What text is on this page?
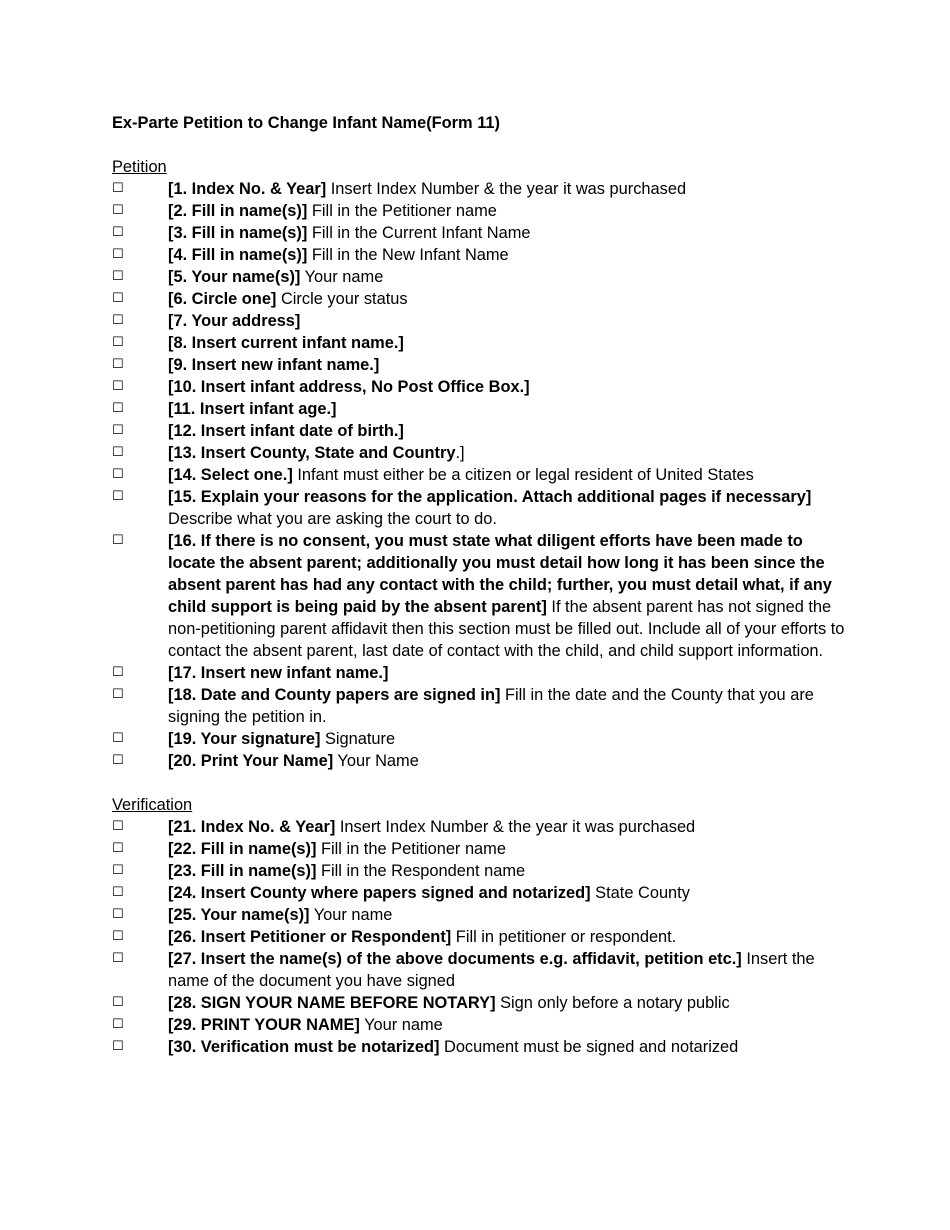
Ex-Parte Petition to Change Infant Name(Form 11)
Petition
☐	[1. Index No. & Year] Insert Index Number & the year it was purchased
☐	[2. Fill in name(s)] Fill in the Petitioner name
☐	[3. Fill in name(s)] Fill in the Current Infant Name
☐	[4. Fill in name(s)] Fill in the New Infant Name
☐	[5. Your name(s)] Your name
☐	[6. Circle one] Circle your status
☐	[7. Your address]
☐	[8. Insert current infant name.]
☐	[9. Insert new infant name.]
☐	[10. Insert infant address, No Post Office Box.]
☐	[11. Insert infant age.]
☐	[12. Insert infant date of birth.]
☐	[13. Insert County, State and Country.]
☐	[14. Select one.] Infant must either be a citizen or legal resident of United States
☐	[15. Explain your reasons for the application. Attach additional pages if necessary] Describe what you are asking the court to do.
☐	[16. If there is no consent, you must state what diligent efforts have been made to locate the absent parent; additionally you must detail how long it has been since the absent parent has had any contact with the child; further, you must detail what, if any child support is being paid by the absent parent] If the absent parent has not signed the non-petitioning parent affidavit then this section must be filled out. Include all of your efforts to contact the absent parent, last date of contact with the child, and child support information.
☐	[17. Insert new infant name.]
☐	[18. Date and County papers are signed in] Fill in the date and the County that you are signing the petition in.
☐	[19. Your signature] Signature
☐	[20. Print Your Name] Your Name
Verification
☐	[21. Index No. & Year] Insert Index Number & the year it was purchased
☐	[22. Fill in name(s)] Fill in the Petitioner name
☐	[23. Fill in name(s)] Fill in the Respondent name
☐	[24. Insert County where papers signed and notarized] State County
☐	[25. Your name(s)] Your name
☐	[26. Insert Petitioner or Respondent] Fill in petitioner or respondent.
☐	[27. Insert the name(s) of the above documents e.g. affidavit, petition etc.] Insert the name of the document you have signed
☐	[28. SIGN YOUR NAME BEFORE NOTARY] Sign only before a notary public
☐	[29. PRINT YOUR NAME] Your name
☐	[30. Verification must be notarized] Document must be signed and notarized
